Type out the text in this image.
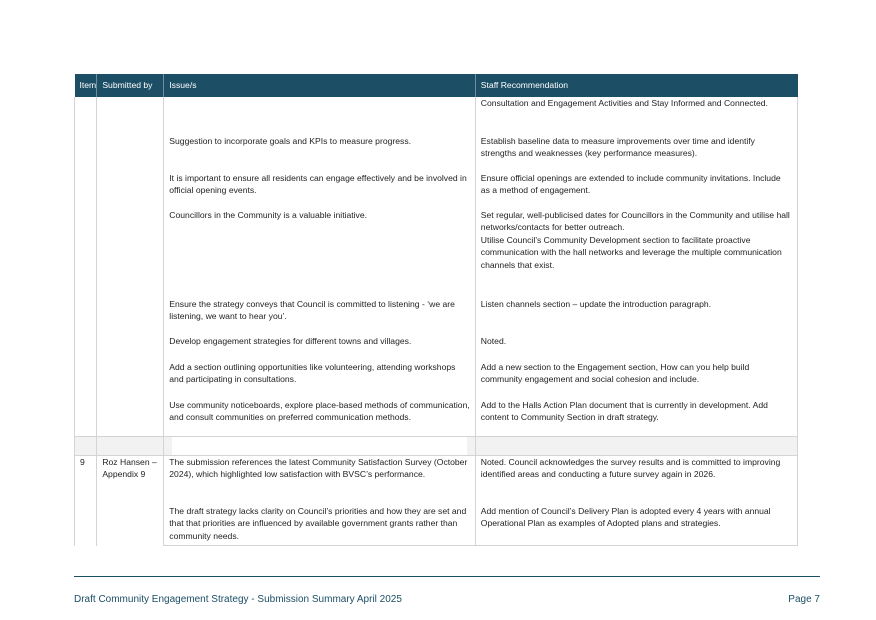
Item	Submitted by	Issue/s	Staff Recommendation

			Consultation and Engagement Activities and Stay Informed and Connected.

		Suggestion to incorporate goals and KPIs to measure progress.	Establish baseline data to measure improvements over time and identify strengths and weaknesses (key performance measures).

		It is important to ensure all residents can engage effectively and be involved in official opening events.	Ensure official openings are extended to include community invitations. Include as a method of engagement.

		Councillors in the Community is a valuable initiative.	Set regular, well-publicised dates for Councillors in the Community and utilise hall networks/contacts for better outreach.
Utilise Council’s Community Development section to facilitate proactive communication with the hall networks and leverage the multiple communication channels that exist.

		Ensure the strategy conveys that Council is committed to listening - ‘we are listening, we want to hear you’.	Listen channels section – update the introduction paragraph.

		Develop engagement strategies for different towns and villages.	Noted.

		Add a section outlining opportunities like volunteering, attending workshops and participating in consultations.	Add a new section to the Engagement section, How can you help build community engagement and social cohesion and include.

		Use community noticeboards, explore place-based methods of communication, and consult communities on preferred communication methods.	Add to the Halls Action Plan document that is currently in development. Add content to Community Section in draft strategy.

9	Roz Hansen – Appendix 9	The submission references the latest Community Satisfaction Survey (October 2024), which highlighted low satisfaction with BVSC’s performance.	Noted. Council acknowledges the survey results and is committed to improving identified areas and conducting a future survey again in 2026.

		The draft strategy lacks clarity on Council’s priorities and how they are set and that that priorities are influenced by available government grants rather than community needs.	Add mention of Council’s Delivery Plan is adopted every 4 years with annual Operational Plan as examples of Adopted plans and strategies.
Draft Community Engagement Strategy - Submission Summary April 2025	Page 7
